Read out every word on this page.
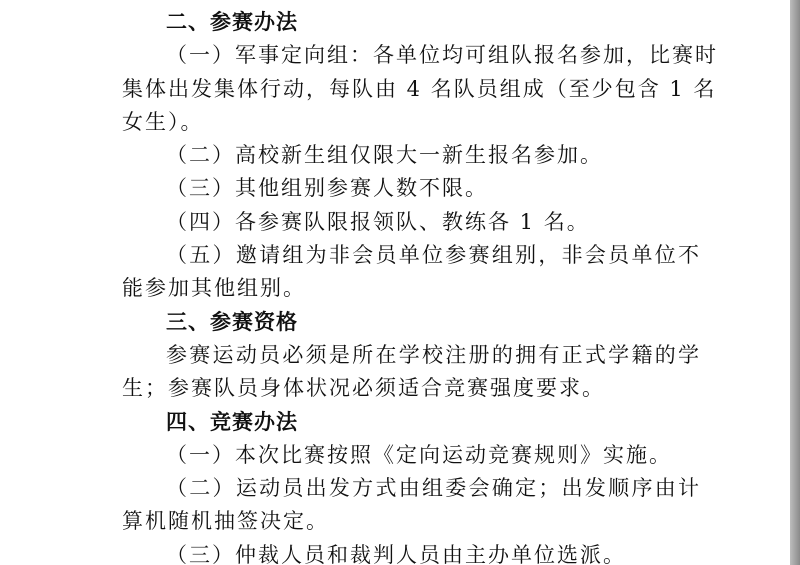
二、参赛办法
（一）军事定向组：各单位均可组队报名参加，比赛时
集体出发集体行动，每队由 4 名队员组成（至少包含 1 名
女生）。
（二）高校新生组仅限大一新生报名参加。
（三）其他组别参赛人数不限。
（四）各参赛队限报领队、教练各 1 名。
（五）邀请组为非会员单位参赛组别，非会员单位不
能参加其他组别。
三、参赛资格
参赛运动员必须是所在学校注册的拥有正式学籍的学
生；参赛队员身体状况必须适合竞赛强度要求。
四、竞赛办法
（一）本次比赛按照《定向运动竞赛规则》实施。
（二）运动员出发方式由组委会确定；出发顺序由计
算机随机抽签决定。
（三）仲裁人员和裁判人员由主办单位选派。
